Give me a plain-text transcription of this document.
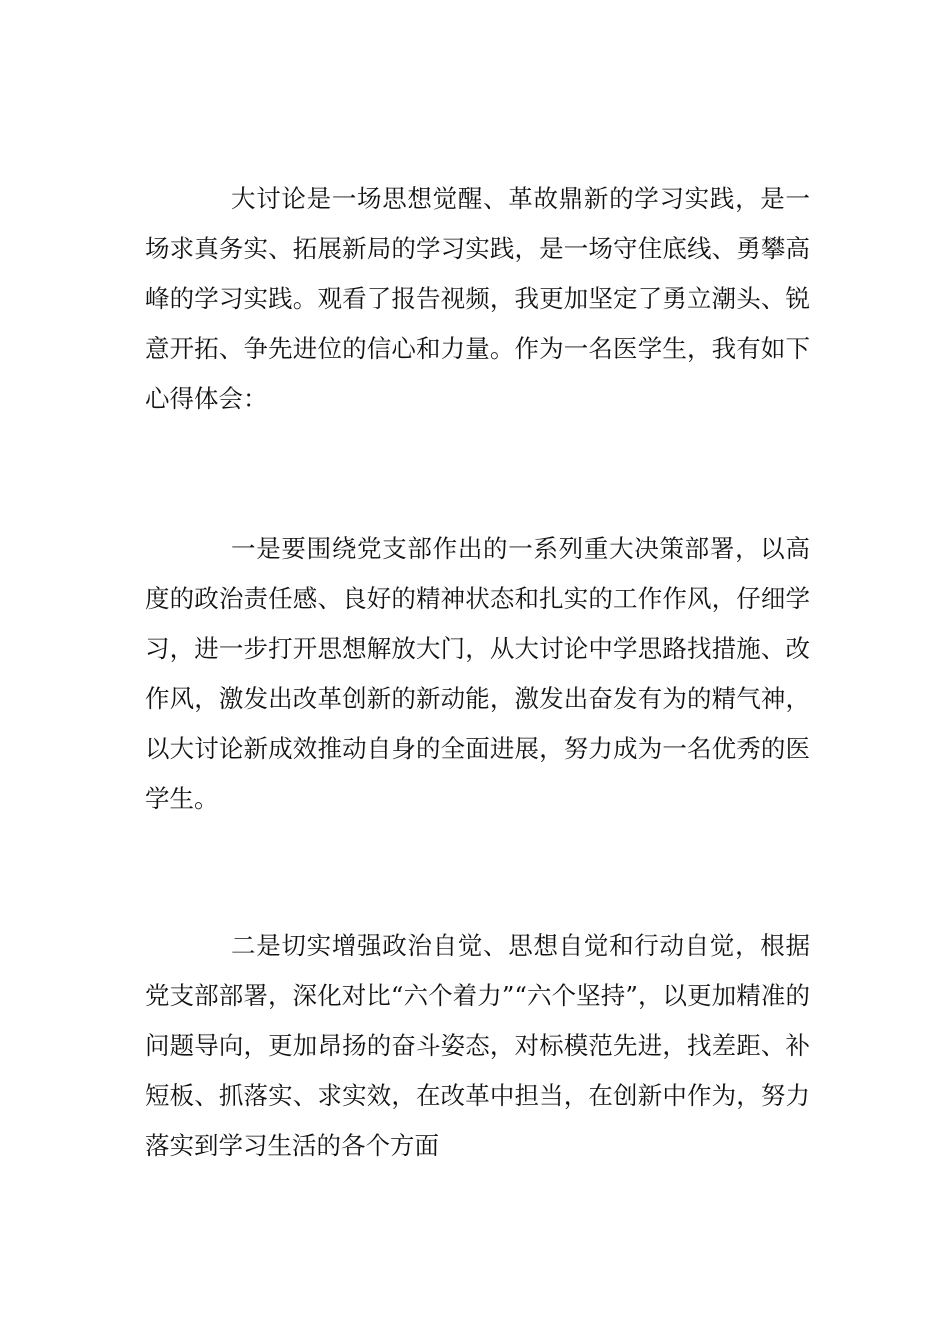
大讨论是一场思想觉醒、革故鼎新的学习实践，是一场求真务实、拓展新局的学习实践，是一场守住底线、勇攀高峰的学习实践。观看了报告视频，我更加坚定了勇立潮头、锐意开拓、争先进位的信心和力量。作为一名医学生，我有如下心得体会：

一是要围绕党支部作出的一系列重大决策部署，以高度的政治责任感、良好的精神状态和扎实的工作作风，仔细学习，进一步打开思想解放大门，从大讨论中学思路找措施、改作风，激发出改革创新的新动能，激发出奋发有为的精气神，以大讨论新成效推动自身的全面进展，努力成为一名优秀的医学生。

二是切实增强政治自觉、思想自觉和行动自觉，根据党支部部署，深化对比“六个着力”“六个坚持”，以更加精准的问题导向，更加昂扬的奋斗姿态，对标模范先进，找差距、补短板、抓落实、求实效，在改革中担当，在创新中作为，努力落实到学习生活的各个方面
